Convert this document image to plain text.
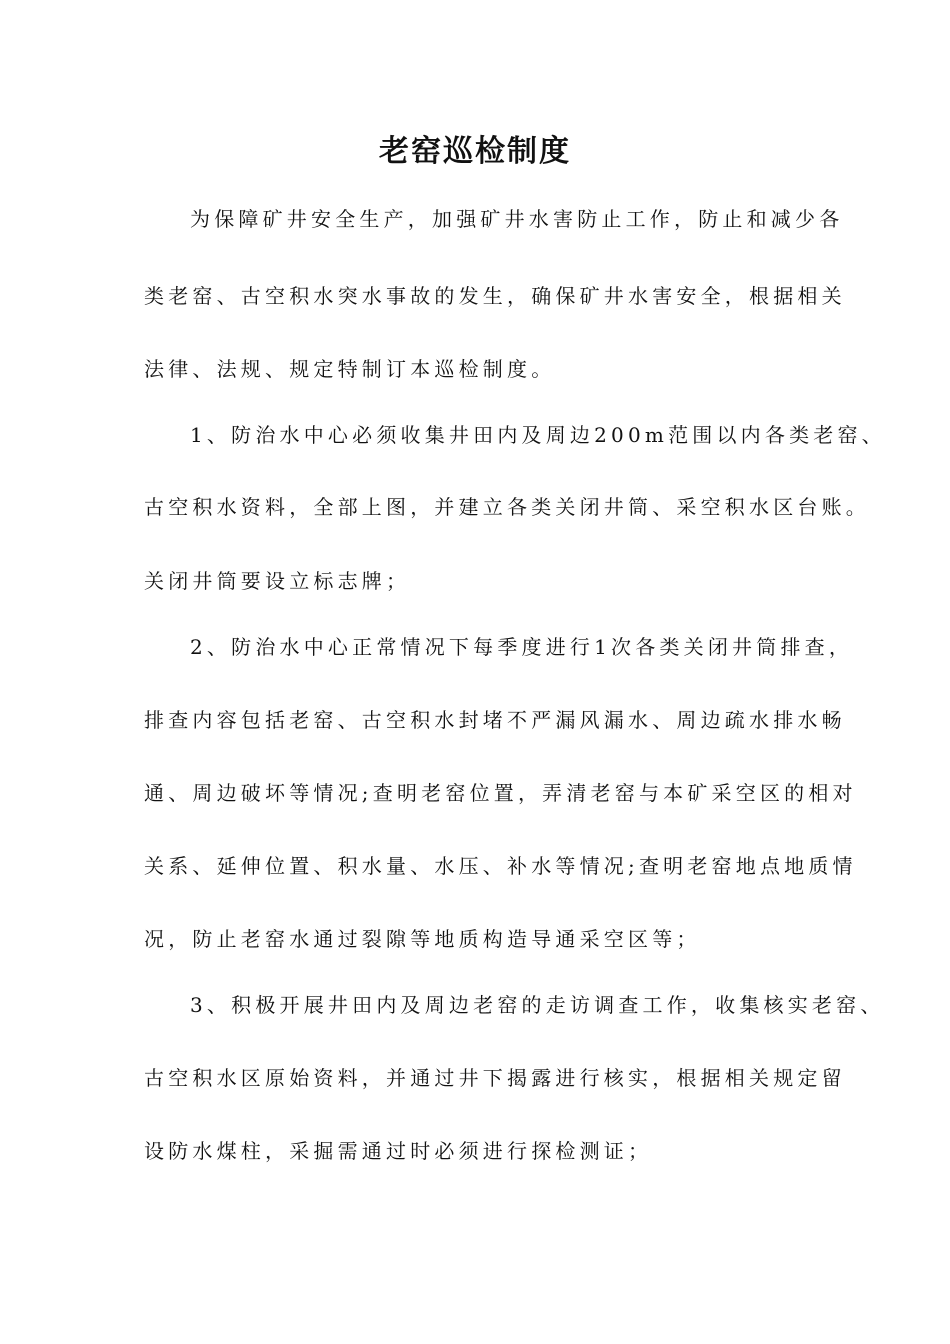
老窑巡检制度

为保障矿井安全生产，加强矿井水害防止工作，防止和减少各

类老窑、古空积水突水事故的发生，确保矿井水害安全，根据相关

法律、法规、规定特制订本巡检制度。

1、防治水中心必须收集井田内及周边200m范围以内各类老窑、

古空积水资料，全部上图，并建立各类关闭井筒、采空积水区台账。

关闭井筒要设立标志牌；

2、防治水中心正常情况下每季度进行1次各类关闭井筒排查，

排查内容包括老窑、古空积水封堵不严漏风漏水、周边疏水排水畅

通、周边破坏等情况;查明老窑位置，弄清老窑与本矿采空区的相对

关系、延伸位置、积水量、水压、补水等情况;查明老窑地点地质情

况，防止老窑水通过裂隙等地质构造导通采空区等；

3、积极开展井田内及周边老窑的走访调查工作，收集核实老窑、

古空积水区原始资料，并通过井下揭露进行核实，根据相关规定留

设防水煤柱，采掘需通过时必须进行探检测证；
